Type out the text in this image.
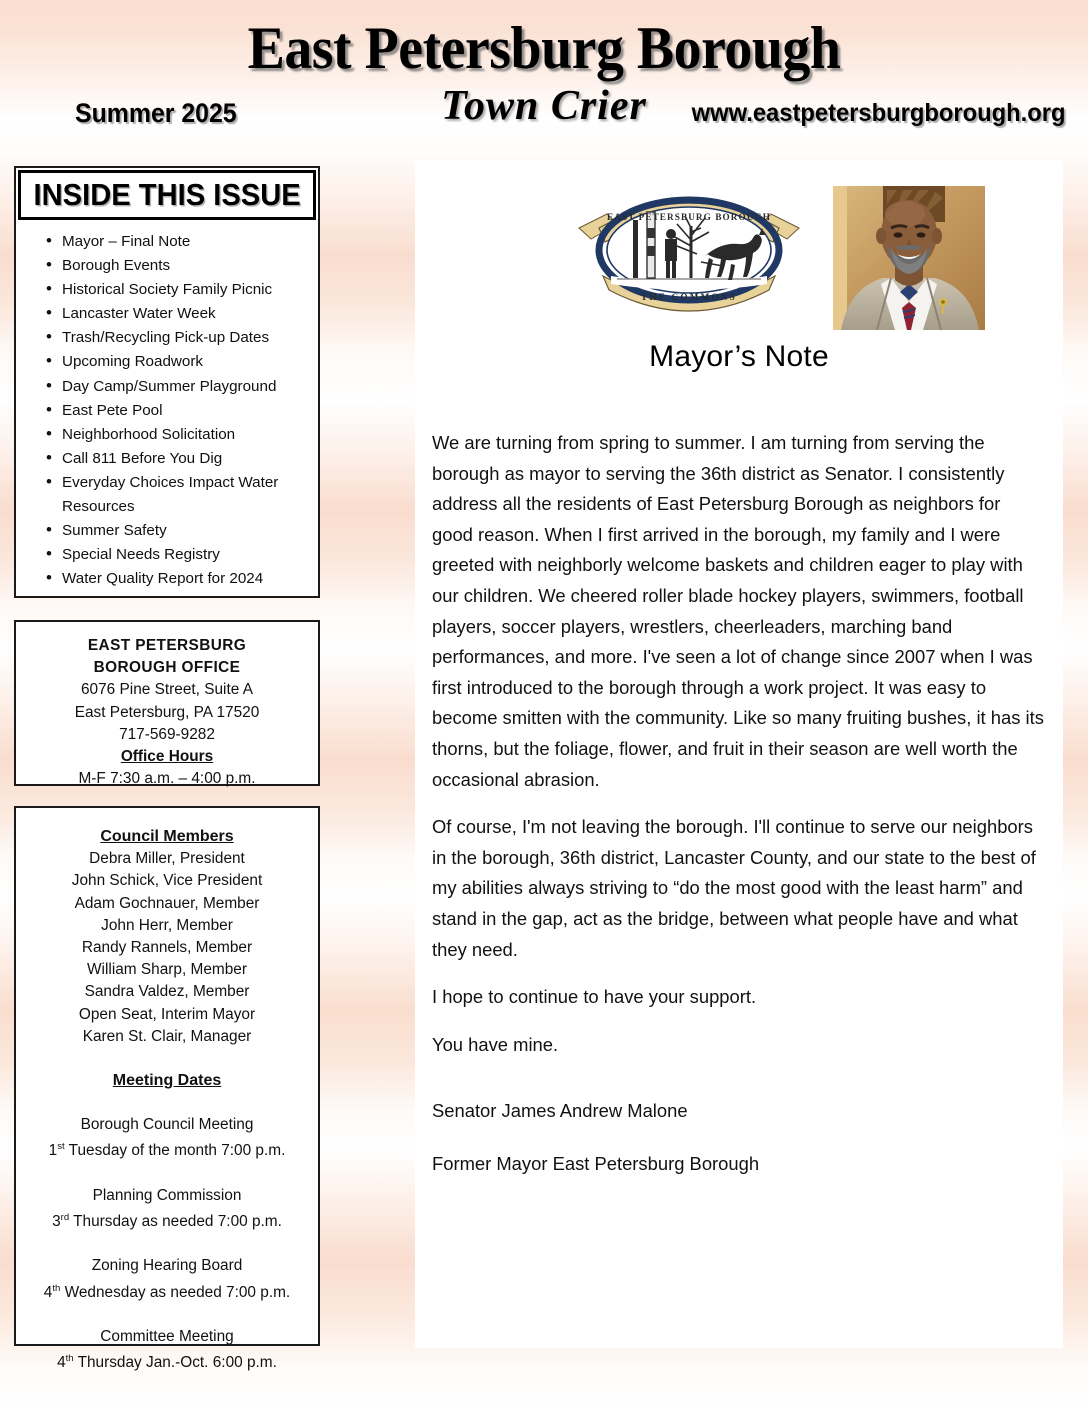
East Petersburg Borough
Summer 2025	Town Crier	www.eastpetersburgborough.org
INSIDE THIS ISSUE
• Mayor – Final Note
• Borough Events
• Historical Society Family Picnic
• Lancaster Water Week
• Trash/Recycling Pick-up Dates
• Upcoming Roadwork
• Day Camp/Summer Playground
• East Pete Pool
• Neighborhood Solicitation
• Call 811 Before You Dig
• Everyday Choices Impact Water Resources
• Summer Safety
• Special Needs Registry
• Water Quality Report for 2024
EAST PETERSBURG
BOROUGH OFFICE
6076 Pine Street, Suite A
East Petersburg, PA 17520
717-569-9282
Office Hours
M-F 7:30 a.m. – 4:00 p.m.
Council Members
Debra Miller, President
John Schick, Vice President
Adam Gochnauer, Member
John Herr, Member
Randy Rannels, Member
William Sharp, Member
Sandra Valdez, Member
Open Seat, Interim Mayor
Karen St. Clair, Manager
Meeting Dates
Borough Council Meeting
1st Tuesday of the month 7:00 p.m.
Planning Commission
3rd Thursday as needed 7:00 p.m.
Zoning Hearing Board
4th Wednesday as needed 7:00 p.m.
Committee Meeting
4th Thursday Jan.-Oct. 6:00 p.m.
EAST PETERSBURG BOROUGH
THE COMMONS
Mayor’s Note

We are turning from spring to summer. I am turning from serving the borough as mayor to serving the 36th district as Senator. I consistently address all the residents of East Petersburg Borough as neighbors for good reason. When I first arrived in the borough, my family and I were greeted with neighborly welcome baskets and children eager to play with our children. We cheered roller blade hockey players, swimmers, football players, soccer players, wrestlers, cheerleaders, marching band performances, and more. I've seen a lot of change since 2007 when I was first introduced to the borough through a work project. It was easy to become smitten with the community. Like so many fruiting bushes, it has its thorns, but the foliage, flower, and fruit in their season are well worth the occasional abrasion.

Of course, I'm not leaving the borough. I'll continue to serve our neighbors in the borough, 36th district, Lancaster County, and our state to the best of my abilities always striving to “do the most good with the least harm” and stand in the gap, act as the bridge, between what people have and what they need.

I hope to continue to have your support.

You have mine.

Senator James Andrew Malone

Former Mayor East Petersburg Borough
